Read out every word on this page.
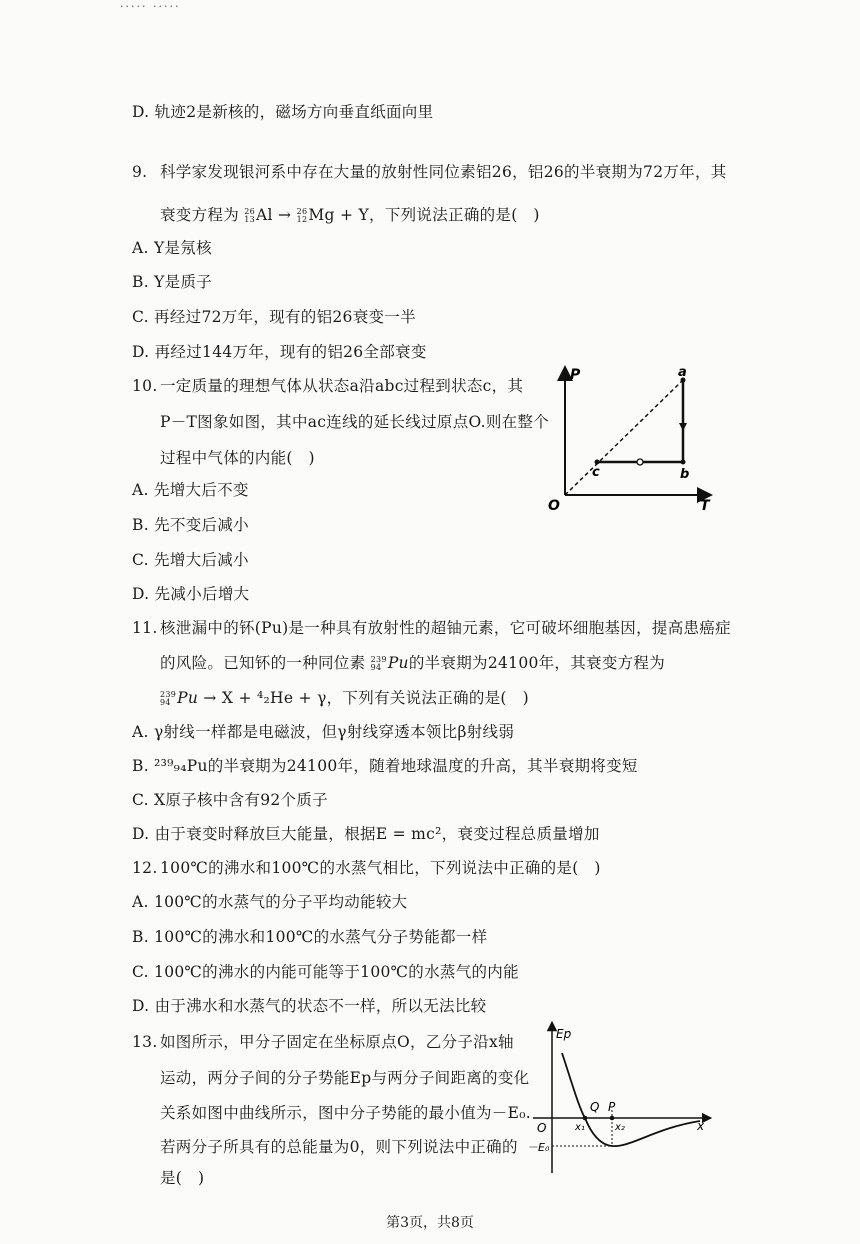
····· ·····
D. 轨迹2是新核的，磁场方向垂直纸面向里
9. 科学家发现银河系中存在大量的放射性同位素铝26，铝26的半衰期为72万年，其
衰变方程为 26
13 Al → 26
12 Mg + Y，下列说法正确的是(　)
A. Y是氖核
B. Y是质子
C. 再经过72万年，现有的铝26衰变一半
D. 再经过144万年，现有的铝26全部衰变
10. 一定质量的理想气体从状态a沿abc过程到状态c，其
P－T图象如图，其中ac连线的延长线过原点O.则在整个
过程中气体的内能(　)
A. 先增大后不变
B. 先不变后减小
C. 先增大后减小
D. 先减小后增大
P
T
O
a
b
c
11. 核泄漏中的钚(Pu)是一种具有放射性的超铀元素，它可破坏细胞基因，提高患癌症
的风险。已知钚的一种同位素 239
94 Pu的半衰期为24100年，其衰变方程为
239
94 Pu → X + ⁴₂He + γ，下列有关说法正确的是(　)
A. γ射线一样都是电磁波，但γ射线穿透本领比β射线弱
B. ²³⁹₉₄Pu的半衰期为24100年，随着地球温度的升高，其半衰期将变短
C. X原子核中含有92个质子
D. 由于衰变时释放巨大能量，根据E = mc²，衰变过程总质量增加
12. 100℃的沸水和100℃的水蒸气相比，下列说法中正确的是(　)
A. 100℃的水蒸气的分子平均动能较大
B. 100℃的沸水和100℃的水蒸气分子势能都一样
C. 100℃的沸水的内能可能等于100℃的水蒸气的内能
D. 由于沸水和水蒸气的状态不一样，所以无法比较
13. 如图所示，甲分子固定在坐标原点O，乙分子沿x轴
运动，两分子间的分子势能Ep与两分子间距离的变化
关系如图中曲线所示，图中分子势能的最小值为－E₀.
若两分子所具有的总能量为0，则下列说法中正确的
是(　)
Ep
x
O
Q P
x₁	x₂
－E₀
第3页，共8页
